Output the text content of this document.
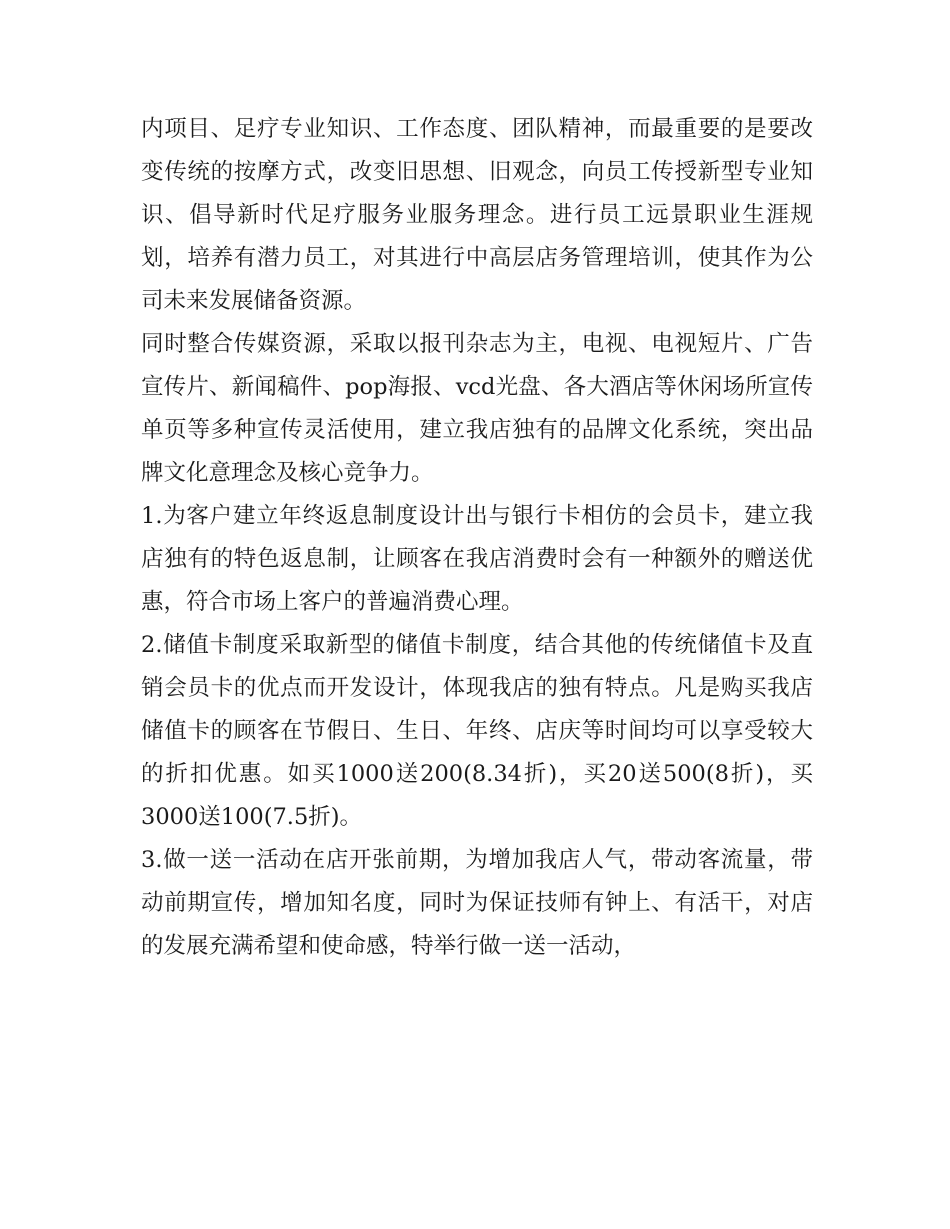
内项目、足疗专业知识、工作态度、团队精神，而最重要的是要改变传统的按摩方式，改变旧思想、旧观念，向员工传授新型专业知识、倡导新时代足疗服务业服务理念。进行员工远景职业生涯规划，培养有潜力员工，对其进行中高层店务管理培训，使其作为公司未来发展储备资源。

同时整合传媒资源，采取以报刊杂志为主，电视、电视短片、广告宣传片、新闻稿件、pop海报、vcd光盘、各大酒店等休闲场所宣传单页等多种宣传灵活使用，建立我店独有的品牌文化系统，突出品牌文化意理念及核心竞争力。

1.为客户建立年终返息制度设计出与银行卡相仿的会员卡，建立我店独有的特色返息制，让顾客在我店消费时会有一种额外的赠送优惠，符合市场上客户的普遍消费心理。

2.储值卡制度采取新型的储值卡制度，结合其他的传统储值卡及直销会员卡的优点而开发设计，体现我店的独有特点。凡是购买我店储值卡的顾客在节假日、生日、年终、店庆等时间均可以享受较大的折扣优惠。如买1000送200(8.34折)，买20送500(8折)，买3000送100(7.5折)。

3.做一送一活动在店开张前期，为增加我店人气，带动客流量，带动前期宣传，增加知名度，同时为保证技师有钟上、有活干，对店的发展充满希望和使命感，特举行做一送一活动，
